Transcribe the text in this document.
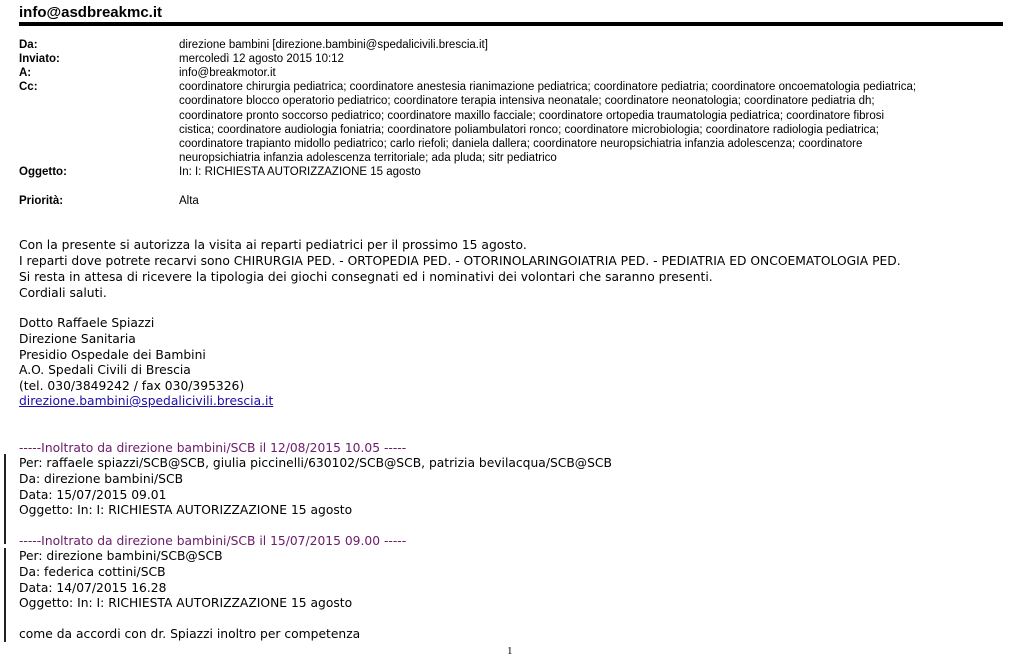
info@asdbreakmc.it
Da:	direzione bambini [direzione.bambini@spedalicivili.brescia.it]
Inviato:	mercoledì 12 agosto 2015 10:12
A:	info@breakmotor.it
Cc:	coordinatore chirurgia pediatrica; coordinatore anestesia rianimazione pediatrica; coordinatore pediatria; coordinatore oncoematologia pediatrica;
coordinatore blocco operatorio pediatrico; coordinatore terapia intensiva neonatale; coordinatore neonatologia; coordinatore pediatria dh;
coordinatore pronto soccorso pediatrico; coordinatore maxillo facciale; coordinatore ortopedia traumatologia pediatrica; coordinatore fibrosi
cistica; coordinatore audiologia foniatria; coordinatore poliambulatori ronco; coordinatore microbiologia; coordinatore radiologia pediatrica;
coordinatore trapianto midollo pediatrico; carlo riefoli; daniela dallera; coordinatore neuropsichiatria infanzia adolescenza; coordinatore
neuropsichiatria infanzia adolescenza territoriale; ada pluda; sitr pediatrico
Oggetto:	In: I: RICHIESTA AUTORIZZAZIONE 15 agosto
Priorità:	Alta
Con la presente si autorizza la visita ai reparti pediatrici per il prossimo 15 agosto.
I reparti dove potrete recarvi sono CHIRURGIA PED. - ORTOPEDIA PED. - OTORINOLARINGOIATRIA PED. - PEDIATRIA ED ONCOEMATOLOGIA PED.
Si resta in attesa di ricevere la tipologia dei giochi consegnati ed i nominativi dei volontari che saranno presenti.
Cordiali saluti.
Dotto Raffaele Spiazzi
Direzione Sanitaria
Presidio Ospedale dei Bambini
A.O. Spedali Civili di Brescia
(tel. 030/3849242 / fax 030/395326)
direzione.bambini@spedalicivili.brescia.it
-----Inoltrato da direzione bambini/SCB il 12/08/2015 10.05 -----
Per: raffaele spiazzi/SCB@SCB, giulia piccinelli/630102/SCB@SCB, patrizia bevilacqua/SCB@SCB
Da: direzione bambini/SCB
Data: 15/07/2015 09.01
Oggetto: In: I: RICHIESTA AUTORIZZAZIONE 15 agosto
-----Inoltrato da direzione bambini/SCB il 15/07/2015 09.00 -----
Per: direzione bambini/SCB@SCB
Da: federica cottini/SCB
Data: 14/07/2015 16.28
Oggetto: In: I: RICHIESTA AUTORIZZAZIONE 15 agosto
come da accordi con dr. Spiazzi inoltro per competenza
1
